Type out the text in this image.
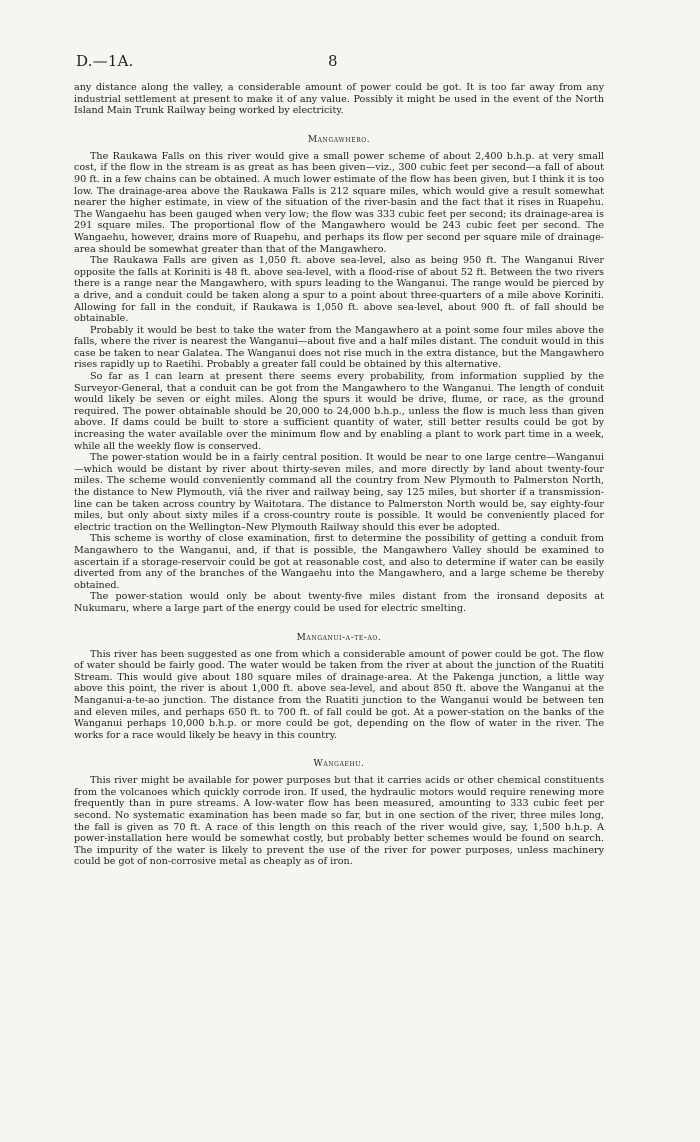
D.—1A.	8

any distance along the valley, a considerable amount of power could be got. It is too far away from any industrial settlement at present to make it of any value. Possibly it might be used in the event of the North Island Main Trunk Railway being worked by electricity.

Mangawhero.

The Raukawa Falls on this river would give a small power scheme of about 2,400 b.h.p. at very small cost, if the flow in the stream is as great as has been given—viz., 300 cubic feet per second—a fall of about 90 ft. in a few chains can be obtained. A much lower estimate of the flow has been given, but I think it is too low. The drainage-area above the Raukawa Falls is 212 square miles, which would give a result somewhat nearer the higher estimate, in view of the situation of the river-basin and the fact that it rises in Ruapehu. The Wangaehu has been gauged when very low; the flow was 333 cubic feet per second; its drainage-area is 291 square miles. The proportional flow of the Mangawhero would be 243 cubic feet per second. The Wangaehu, however, drains more of Ruapehu, and perhaps its flow per second per square mile of drainage-area should be somewhat greater than that of the Mangawhero.

The Raukawa Falls are given as 1,050 ft. above sea-level, also as being 950 ft. The Wanganui River opposite the falls at Koriniti is 48 ft. above sea-level, with a flood-rise of about 52 ft. Between the two rivers there is a range near the Mangawhero, with spurs leading to the Wanganui. The range would be pierced by a drive, and a conduit could be taken along a spur to a point about three-quarters of a mile above Koriniti. Allowing for fall in the conduit, if Raukawa is 1,050 ft. above sea-level, about 900 ft. of fall should be obtainable.

Probably it would be best to take the water from the Mangawhero at a point some four miles above the falls, where the river is nearest the Wanganui—about five and a half miles distant. The conduit would in this case be taken to near Galatea. The Wanganui does not rise much in the extra distance, but the Mangawhero rises rapidly up to Raetihi. Probably a greater fall could be obtained by this alternative.

So far as I can learn at present there seems every probability, from information supplied by the Surveyor-General, that a conduit can be got from the Mangawhero to the Wanganui. The length of conduit would likely be seven or eight miles. Along the spurs it would be drive, flume, or race, as the ground required. The power obtainable should be 20,000 to 24,000 b.h.p., unless the flow is much less than given above. If dams could be built to store a sufficient quantity of water, still better results could be got by increasing the water available over the minimum flow and by enabling a plant to work part time in a week, while all the weekly flow is conserved.

The power-station would be in a fairly central position. It would be near to one large centre—Wanganui—which would be distant by river about thirty-seven miles, and more directly by land about twenty-four miles. The scheme would conveniently command all the country from New Plymouth to Palmerston North, the distance to New Plymouth, viâ the river and railway being, say 125 miles, but shorter if a transmission-line can be taken across country by Waitotara. The distance to Palmerston North would be, say eighty-four miles, but only about sixty miles if a cross-country route is possible. It would be conveniently placed for electric traction on the Wellington–New Plymouth Railway should this ever be adopted.

This scheme is worthy of close examination, first to determine the possibility of getting a conduit from Mangawhero to the Wanganui, and, if that is possible, the Mangawhero Valley should be examined to ascertain if a storage-reservoir could be got at reasonable cost, and also to determine if water can be easily diverted from any of the branches of the Wangaehu into the Mangawhero, and a large scheme be thereby obtained.

The power-station would only be about twenty-five miles distant from the ironsand deposits at Nukumaru, where a large part of the energy could be used for electric smelting.

Manganui-a-te-ao.

This river has been suggested as one from which a considerable amount of power could be got. The flow of water should be fairly good. The water would be taken from the river at about the junction of the Ruatiti Stream. This would give about 180 square miles of drainage-area. At the Pakenga junction, a little way above this point, the river is about 1,000 ft. above sea-level, and about 850 ft. above the Wanganui at the Manganui-a-te-ao junction. The distance from the Ruatiti junction to the Wanganui would be between ten and eleven miles, and perhaps 650 ft. to 700 ft. of fall could be got. At a power-station on the banks of the Wanganui perhaps 10,000 b.h.p. or more could be got, depending on the flow of water in the river. The works for a race would likely be heavy in this country.

Wangaehu.

This river might be available for power purposes but that it carries acids or other chemical constituents from the volcanoes which quickly corrode iron. If used, the hydraulic motors would require renewing more frequently than in pure streams. A low-water flow has been measured, amounting to 333 cubic feet per second. No systematic examination has been made so far, but in one section of the river, three miles long, the fall is given as 70 ft. A race of this length on this reach of the river would give, say, 1,500 b.h.p. A power-installation here would be somewhat costly, but probably better schemes would be found on search. The impurity of the water is likely to prevent the use of the river for power purposes, unless machinery could be got of non-corrosive metal as cheaply as of iron.
